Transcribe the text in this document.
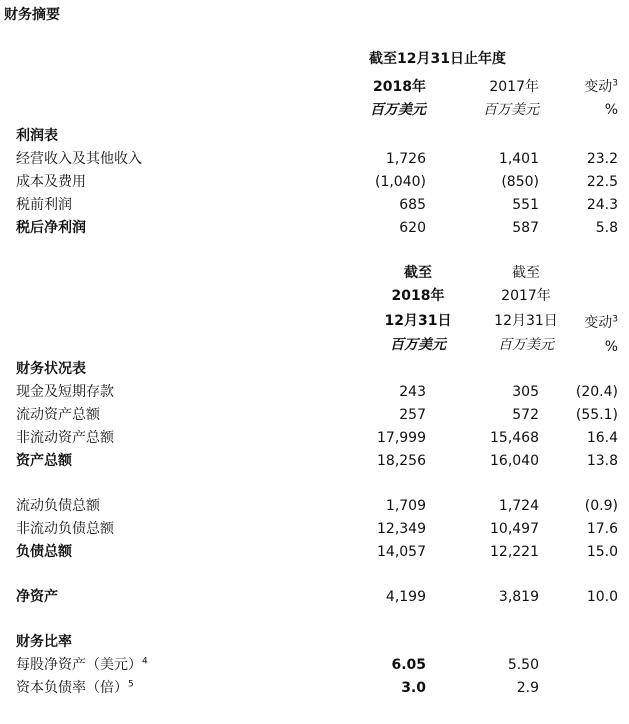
财务摘要
截至12月31日止年度
2018年	2017年	变动$^3$
百万美元	百万美元	%
利润表
经营收入及其他收入	1,726	1,401	23.2
成本及费用	(1,040)	(850)	22.5
税前利润	685	551	24.3
税后净利润	620	587	5.8
截至	截至
2018年	2017年
12月31日	12月31日	变动$^3$
百万美元	百万美元	%
财务状况表
现金及短期存款	243	305	(20.4)
流动资产总额	257	572	(55.1)
非流动资产总额	17,999	15,468	16.4
资产总额	18,256	16,040	13.8
流动负债总额	1,709	1,724	(0.9)
非流动负债总额	12,349	10,497	17.6
负债总额	14,057	12,221	15.0
净资产	4,199	3,819	10.0
财务比率
每股净资产（美元）$^4$	6.05	5.50
资本负债率（倍）$^5$	3.0	2.9
